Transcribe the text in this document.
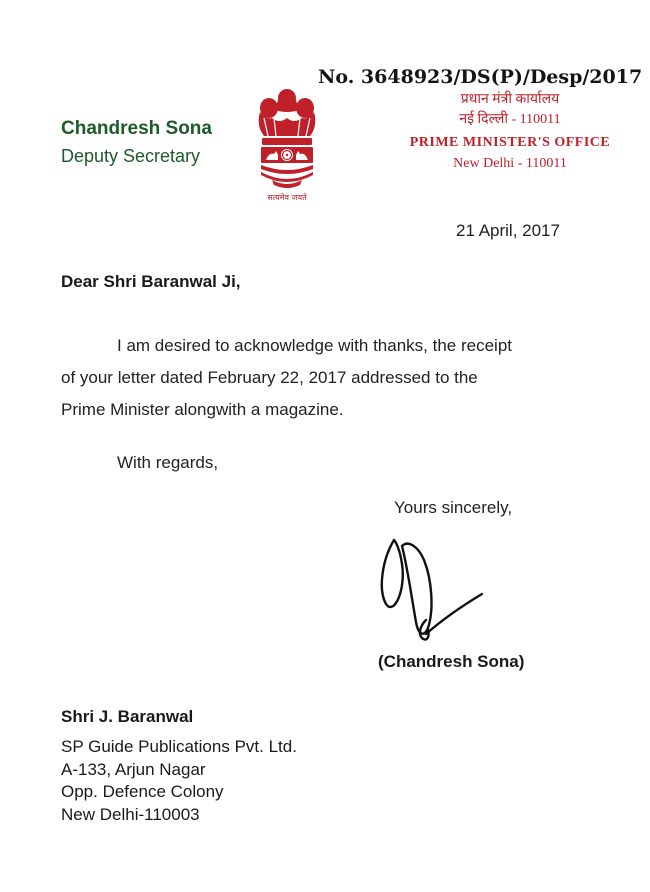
No. 3648923/DS(P)/Desp/2017
Chandresh Sona
Deputy Secretary
सत्यमेव जयते
प्रधान मंत्री कार्यालय
नई दिल्ली - 110011
PRIME MINISTER'S OFFICE
New Delhi - 110011
21 April, 2017
Dear Shri Baranwal Ji,
I am desired to acknowledge with thanks, the receipt
of your letter dated February 22, 2017 addressed to the
Prime Minister alongwith a magazine.
With regards,
Yours sincerely,
(Chandresh Sona)
Shri J. Baranwal
SP Guide Publications Pvt. Ltd.
A-133, Arjun Nagar
Opp. Defence Colony
New Delhi-110003
